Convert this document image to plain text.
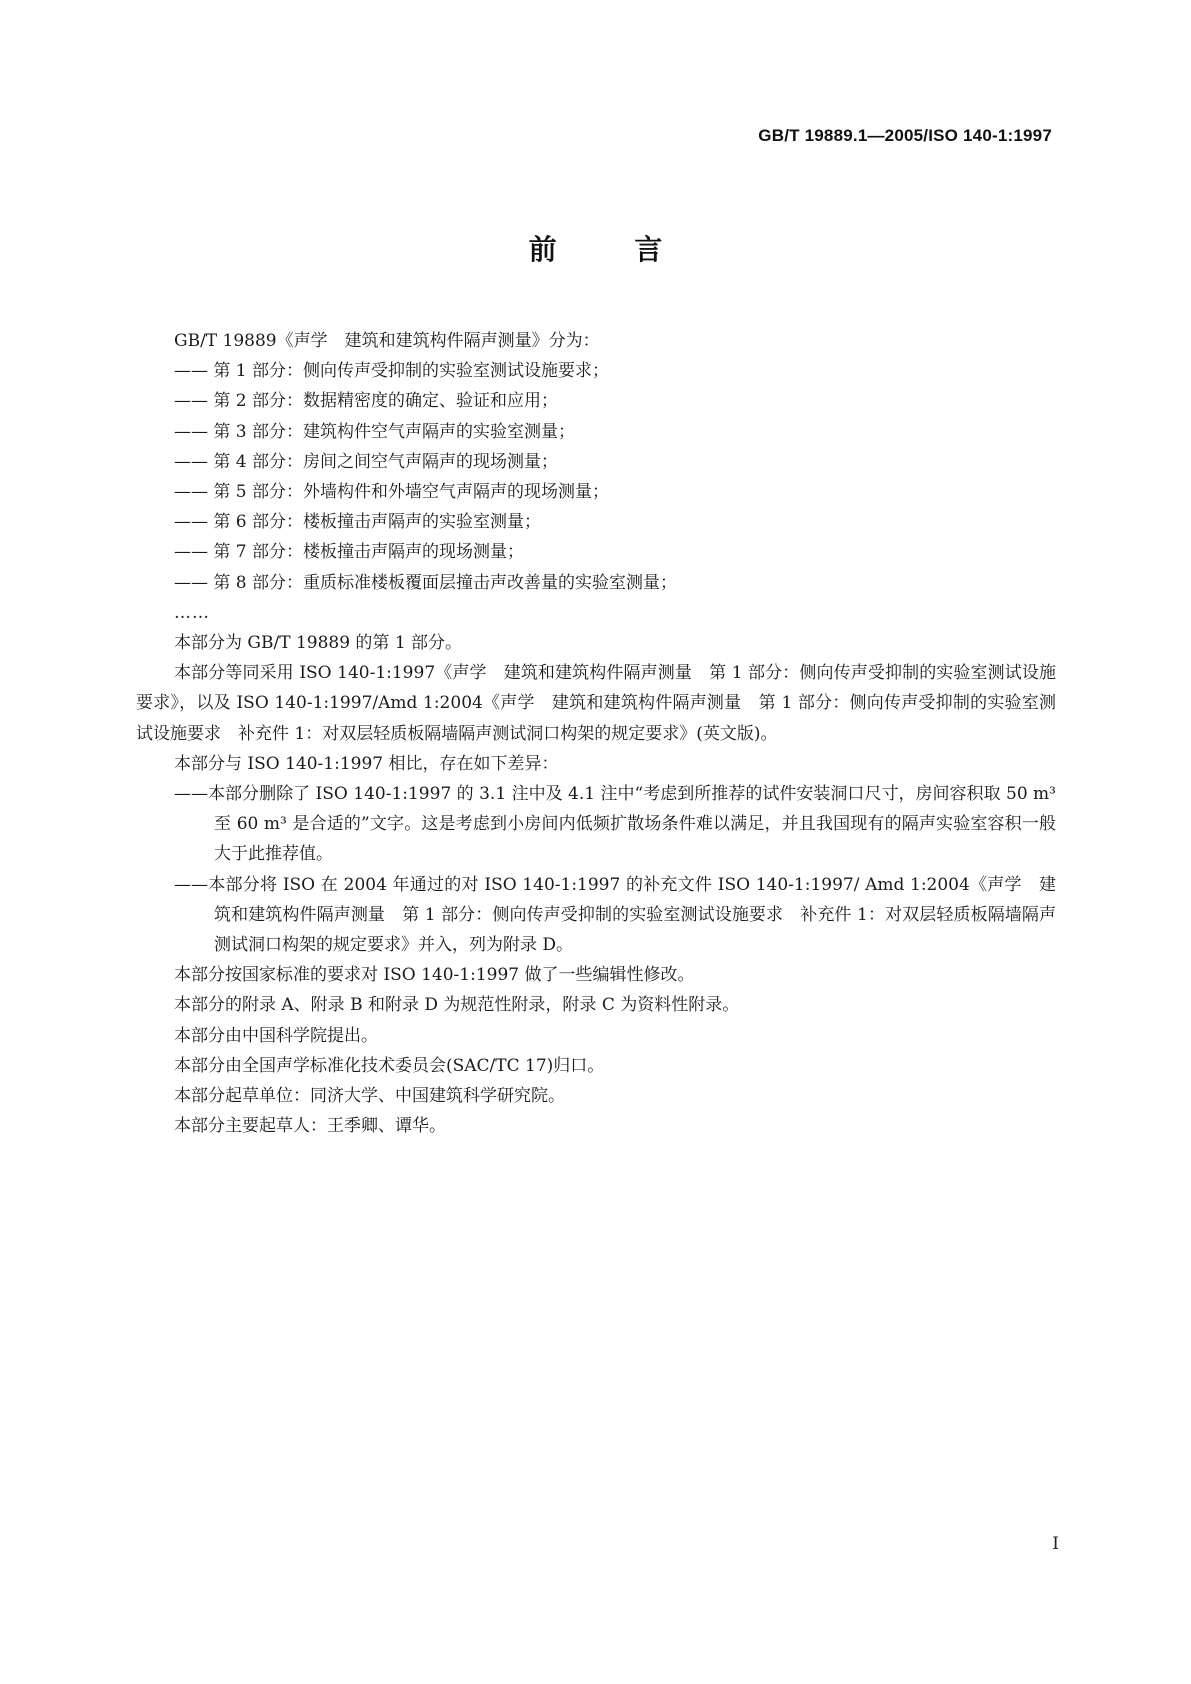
GB/T 19889.1—2005/ISO 140-1:1997
前 言
GB/T 19889《声学　建筑和建筑构件隔声测量》分为：
—— 第 1 部分：侧向传声受抑制的实验室测试设施要求；
—— 第 2 部分：数据精密度的确定、验证和应用；
—— 第 3 部分：建筑构件空气声隔声的实验室测量；
—— 第 4 部分：房间之间空气声隔声的现场测量；
—— 第 5 部分：外墙构件和外墙空气声隔声的现场测量；
—— 第 6 部分：楼板撞击声隔声的实验室测量；
—— 第 7 部分：楼板撞击声隔声的现场测量；
—— 第 8 部分：重质标准楼板覆面层撞击声改善量的实验室测量；
……
本部分为 GB/T 19889 的第 1 部分。
本部分等同采用 ISO 140-1:1997《声学　建筑和建筑构件隔声测量　第 1 部分：侧向传声受抑制的实验室测试设施要求》，以及 ISO 140-1:1997/Amd 1:2004《声学　建筑和建筑构件隔声测量　第 1 部分：侧向传声受抑制的实验室测试设施要求　补充件 1：对双层轻质板隔墙隔声测试洞口构架的规定要求》(英文版)。
本部分与 ISO 140-1:1997 相比，存在如下差异：
——本部分删除了 ISO 140-1:1997 的 3.1 注中及 4.1 注中“考虑到所推荐的试件安装洞口尺寸，房间容积取 50 m³ 至 60 m³ 是合适的”文字。这是考虑到小房间内低频扩散场条件难以满足，并且我国现有的隔声实验室容积一般大于此推荐值。
——本部分将 ISO 在 2004 年通过的对 ISO 140-1:1997 的补充文件 ISO 140-1:1997/ Amd 1:2004《声学　建筑和建筑构件隔声测量　第 1 部分：侧向传声受抑制的实验室测试设施要求　补充件 1：对双层轻质板隔墙隔声测试洞口构架的规定要求》并入，列为附录 D。
本部分按国家标准的要求对 ISO 140-1:1997 做了一些编辑性修改。
本部分的附录 A、附录 B 和附录 D 为规范性附录，附录 C 为资料性附录。
本部分由中国科学院提出。
本部分由全国声学标准化技术委员会(SAC/TC 17)归口。
本部分起草单位：同济大学、中国建筑科学研究院。
本部分主要起草人：王季卿、谭华。
I
